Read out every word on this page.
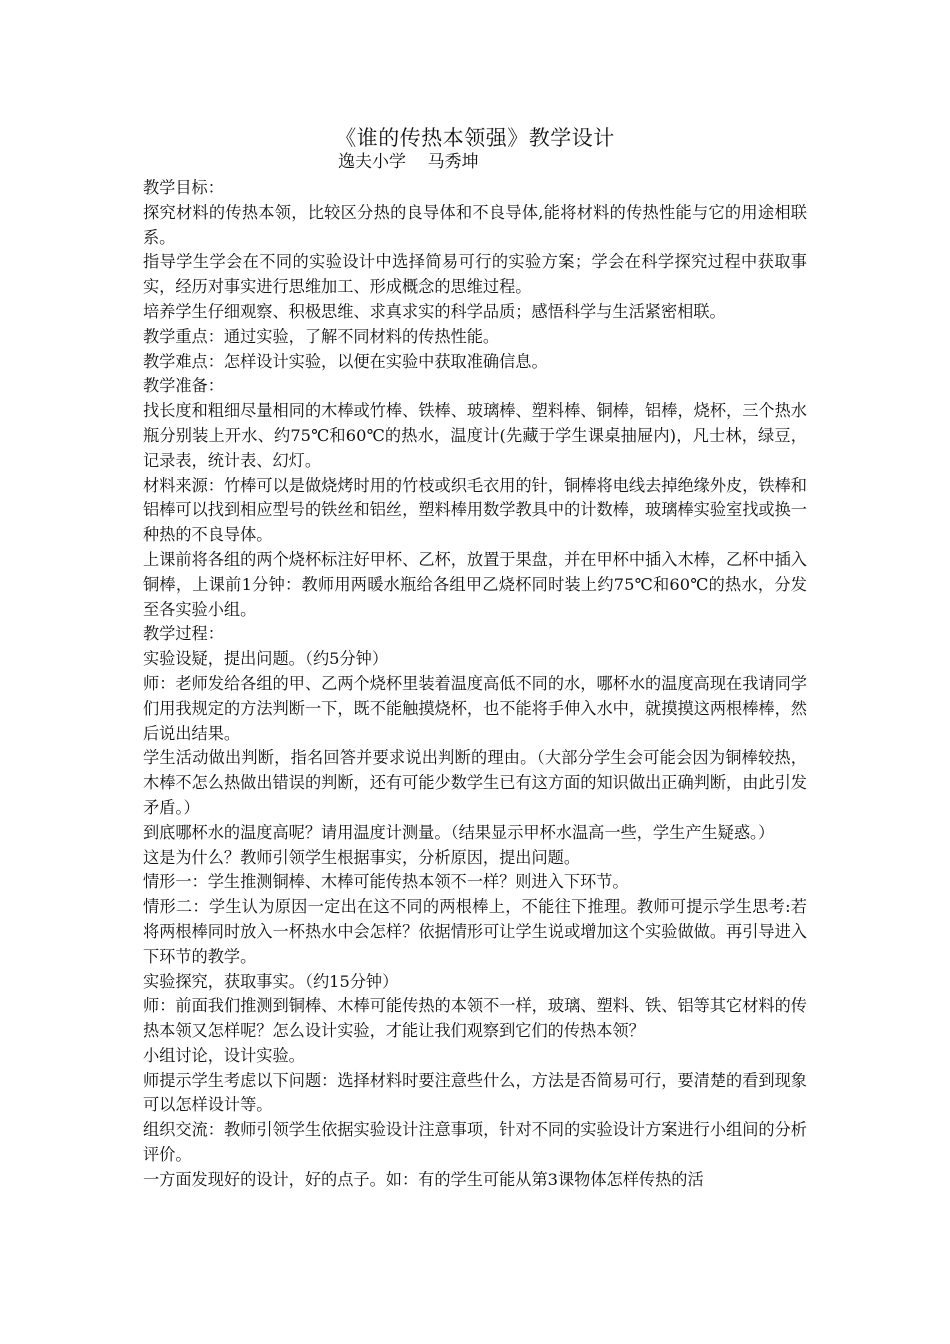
《谁的传热本领强》教学设计
逸夫小学    马秀坤

教学目标：

探究材料的传热本领，比较区分热的良导体和不良导体,能将材料的传热性能与它的用途相联系。

指导学生学会在不同的实验设计中选择简易可行的实验方案；学会在科学探究过程中获取事实，经历对事实进行思维加工、形成概念的思维过程。

培养学生仔细观察、积极思维、求真求实的科学品质；感悟科学与生活紧密相联。

教学重点：通过实验，了解不同材料的传热性能。

教学难点：怎样设计实验，以便在实验中获取准确信息。

教学准备：

找长度和粗细尽量相同的木棒或竹棒、铁棒、玻璃棒、塑料棒、铜棒，铝棒，烧杯，三个热水瓶分别装上开水、约75℃和60℃的热水，温度计(先藏于学生课桌抽屉内)，凡士林，绿豆，记录表，统计表、幻灯。

材料来源：竹棒可以是做烧烤时用的竹枝或织毛衣用的针，铜棒将电线去掉绝缘外皮，铁棒和铝棒可以找到相应型号的铁丝和铝丝，塑料棒用数学教具中的计数棒，玻璃棒实验室找或换一种热的不良导体。

上课前将各组的两个烧杯标注好甲杯、乙杯，放置于果盘，并在甲杯中插入木棒，乙杯中插入铜棒，上课前1分钟：教师用两暖水瓶给各组甲乙烧杯同时装上约75℃和60℃的热水，分发至各实验小组。

教学过程：

实验设疑，提出问题。（约5分钟）

师：老师发给各组的甲、乙两个烧杯里装着温度高低不同的水，哪杯水的温度高现在我请同学们用我规定的方法判断一下，既不能触摸烧杯，也不能将手伸入水中，就摸摸这两根棒棒，然后说出结果。

学生活动做出判断，指名回答并要求说出判断的理由。（大部分学生会可能会因为铜棒较热，木棒不怎么热做出错误的判断，还有可能少数学生已有这方面的知识做出正确判断，由此引发矛盾。）

到底哪杯水的温度高呢？请用温度计测量。（结果显示甲杯水温高一些，学生产生疑惑。）

这是为什么？教师引领学生根据事实，分析原因，提出问题。

情形一：学生推测铜棒、木棒可能传热本领不一样？则进入下环节。

情形二：学生认为原因一定出在这不同的两根棒上，不能往下推理。教师可提示学生思考:若将两根棒同时放入一杯热水中会怎样？依据情形可让学生说或增加这个实验做做。再引导进入下环节的教学。

实验探究，获取事实。（约15分钟）

师：前面我们推测到铜棒、木棒可能传热的本领不一样，玻璃、塑料、铁、铝等其它材料的传热本领又怎样呢？怎么设计实验，才能让我们观察到它们的传热本领？

小组讨论，设计实验。

师提示学生考虑以下问题：选择材料时要注意些什么，方法是否简易可行，要清楚的看到现象可以怎样设计等。

组织交流：教师引领学生依据实验设计注意事项，针对不同的实验设计方案进行小组间的分析评价。

一方面发现好的设计，好的点子。如：有的学生可能从第3课物体怎样传热的活
